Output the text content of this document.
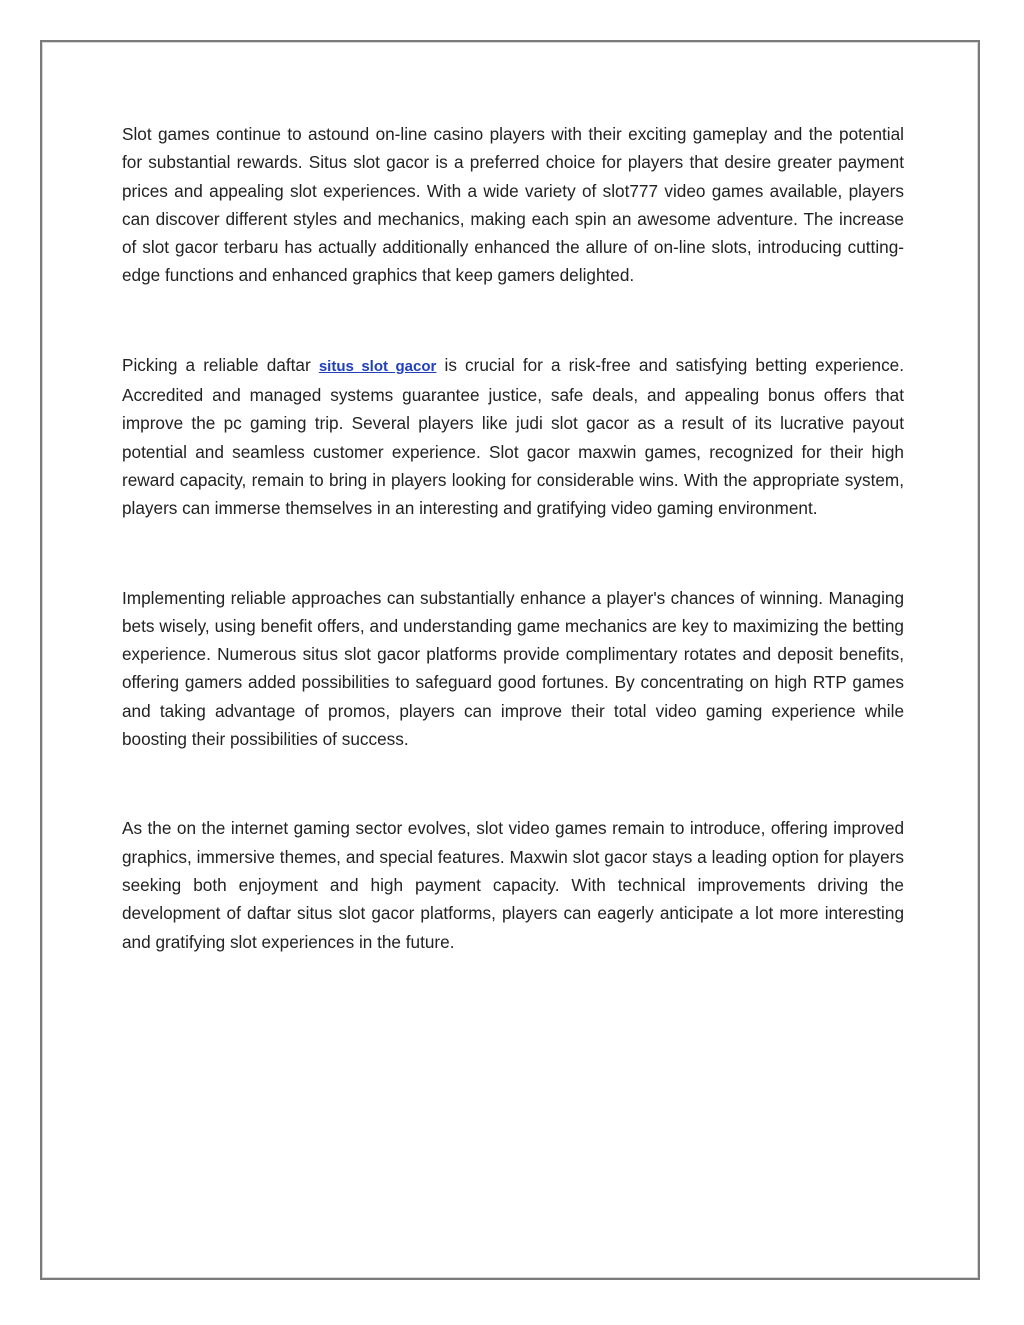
Slot games continue to astound on-line casino players with their exciting gameplay and the potential for substantial rewards. Situs slot gacor is a preferred choice for players that desire greater payment prices and appealing slot experiences. With a wide variety of slot777 video games available, players can discover different styles and mechanics, making each spin an awesome adventure. The increase of slot gacor terbaru has actually additionally enhanced the allure of on-line slots, introducing cutting-edge functions and enhanced graphics that keep gamers delighted.

Picking a reliable daftar situs slot gacor is crucial for a risk-free and satisfying betting experience. Accredited and managed systems guarantee justice, safe deals, and appealing bonus offers that improve the pc gaming trip. Several players like judi slot gacor as a result of its lucrative payout potential and seamless customer experience. Slot gacor maxwin games, recognized for their high reward capacity, remain to bring in players looking for considerable wins. With the appropriate system, players can immerse themselves in an interesting and gratifying video gaming environment.

Implementing reliable approaches can substantially enhance a player's chances of winning. Managing bets wisely, using benefit offers, and understanding game mechanics are key to maximizing the betting experience. Numerous situs slot gacor platforms provide complimentary rotates and deposit benefits, offering gamers added possibilities to safeguard good fortunes. By concentrating on high RTP games and taking advantage of promos, players can improve their total video gaming experience while boosting their possibilities of success.

As the on the internet gaming sector evolves, slot video games remain to introduce, offering improved graphics, immersive themes, and special features. Maxwin slot gacor stays a leading option for players seeking both enjoyment and high payment capacity. With technical improvements driving the development of daftar situs slot gacor platforms, players can eagerly anticipate a lot more interesting and gratifying slot experiences in the future.
